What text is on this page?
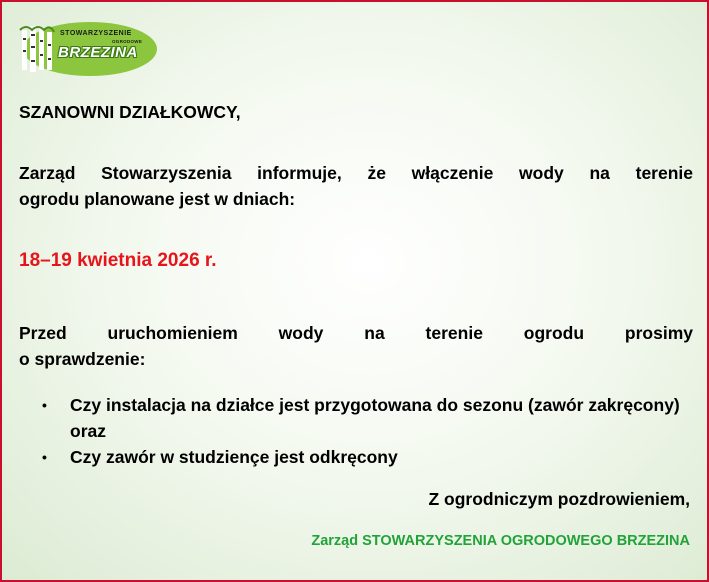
STOWARZYSZENIE
OGRODOWE
BRZEZINA
SZANOWNI DZIAŁKOWCY,
Zarząd Stowarzyszenia informuje, że włączenie wody na terenie
ogrodu planowane jest w dniach:
18–19 kwietnia 2026 r.
Przed uruchomieniem wody na terenie ogrodu prosimy
o sprawdzenie:
• Czy instalacja na działce jest przygotowana do sezonu (zawór zakręcony) oraz
• Czy zawór w studziençe jest odkręcony
Z ogrodniczym pozdrowieniem,
Zarząd STOWARZYSZENIA OGRODOWEGO BRZEZINA
